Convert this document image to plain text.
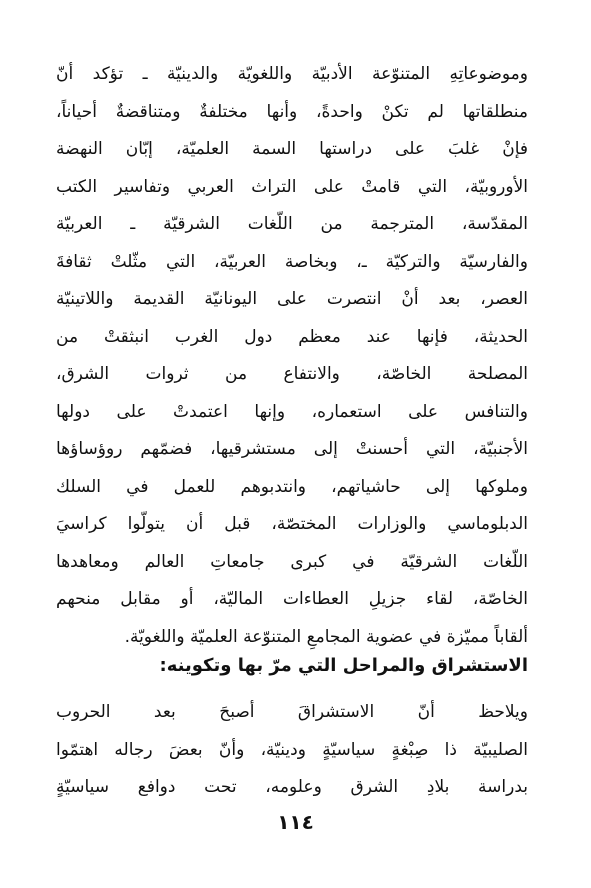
وموضوعاتِهِ المتنوّعة الأدبيّة واللغويّة والدينيّة ـ تؤكد أنّ
منطلقاتها لم تكنْ واحدةً، وأنها مختلفةٌ ومتناقضةٌ أحياناً،
فإنْ غلبَ على دراستها السمة العلميّة، إبّان النهضة
الأوروبيّة، التي قامتْ على التراث العربي وتفاسير الكتب
المقدّسة، المترجمة من اللّغات الشرقيّة ـ العربيّة
والفارسيّة والتركيّة ـ، وبخاصة العربيّة، التي مثّلتْ ثقافةَ
العصر، بعد أنْ انتصرت على اليونانيّة القديمة واللاتينيّة
الحديثة، فإنها عند معظم دول الغرب انبثقتْ من
المصلحة الخاصّة، والانتفاع من ثروات الشرق،
والتنافس على استعماره، وإنها اعتمدتْ على دولها
الأجنبيّة، التي أحسنتْ إلى مستشرقيها، فضمّهم روؤساؤها
وملوكها إلى حاشياتهم، وانتدبوهم للعمل في السلك
الدبلوماسي والوزارات المختصّة، قبل أن يتولّوا كراسيَ
اللّغات الشرقيّة في كبرى جامعاتِ العالم ومعاهدها
الخاصّة، لقاء جزيلِ العطاءات الماليّة، أو مقابل منحهم
ألقاباً مميّزة في عضوية المجامعِ المتنوّعة العلميّة واللغويّة.
الاستشراق والمراحل التي مرّ بها وتكوينه:
ويلاحظ أنّ الاستشراقَ أصبحَ بعد الحروب
الصليبيّة ذا صِبْغةٍ سياسيّةٍ ودينيّة، وأنّ بعضَ رجاله اهتمّوا
بدراسة بلادِ الشرق وعلومه، تحت دوافع سياسيّةٍ
١١٤
